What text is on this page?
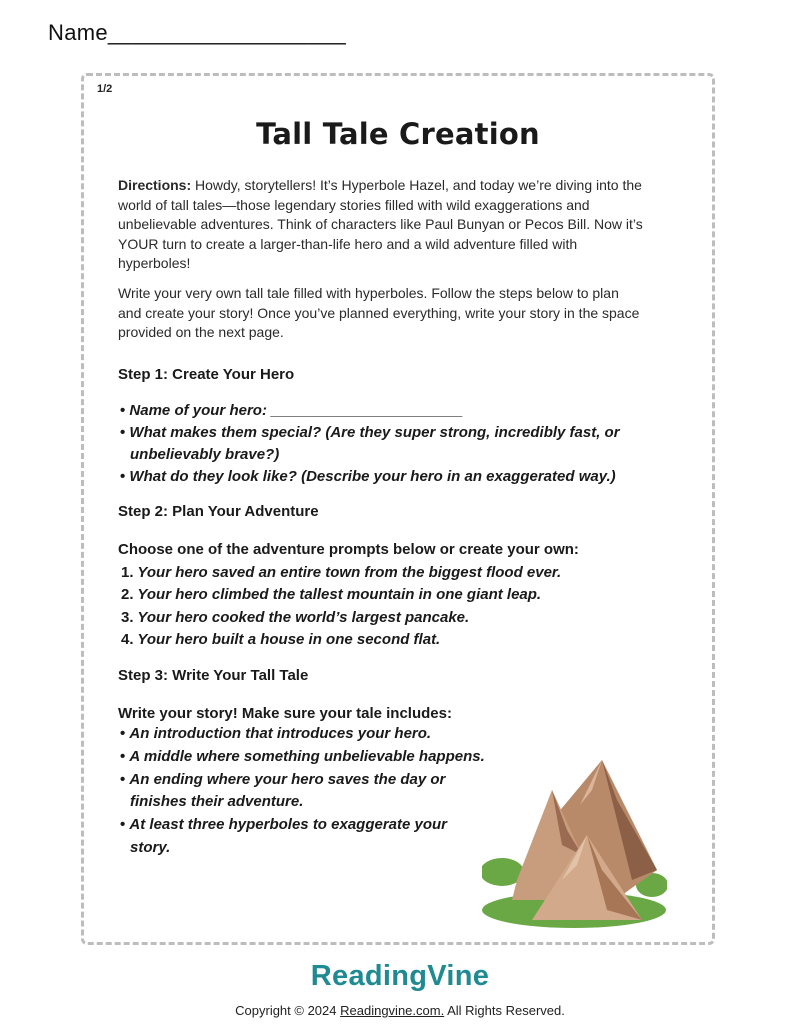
Name___________________
1/2
Tall Tale Creation

Directions: Howdy, storytellers! It’s Hyperbole Hazel, and today we’re diving into the world of tall tales—those legendary stories filled with wild exaggerations and unbelievable adventures. Think of characters like Paul Bunyan or Pecos Bill. Now it’s YOUR turn to create a larger-than-life hero and a wild adventure filled with hyperboles!

Write your very own tall tale filled with hyperboles. Follow the steps below to plan and create your story! Once you’ve planned everything, write your story in the space provided on the next page.

Step 1: Create Your Hero

• Name of your hero: _______________________
• What makes them special? (Are they super strong, incredibly fast, or unbelievably brave?)
• What do they look like? (Describe your hero in an exaggerated way.)

Step 2: Plan Your Adventure

Choose one of the adventure prompts below or create your own:

1. Your hero saved an entire town from the biggest flood ever.
2. Your hero climbed the tallest mountain in one giant leap.
3. Your hero cooked the world’s largest pancake.
4. Your hero built a house in one second flat.

Step 3: Write Your Tall Tale

Write your story! Make sure your tale includes:

• An introduction that introduces your hero.
• A middle where something unbelievable happens.
• An ending where your hero saves the day or finishes their adventure.
• At least three hyperboles to exaggerate your story.
ReadingVine
Copyright © 2024 Readingvine.com. All Rights Reserved.
